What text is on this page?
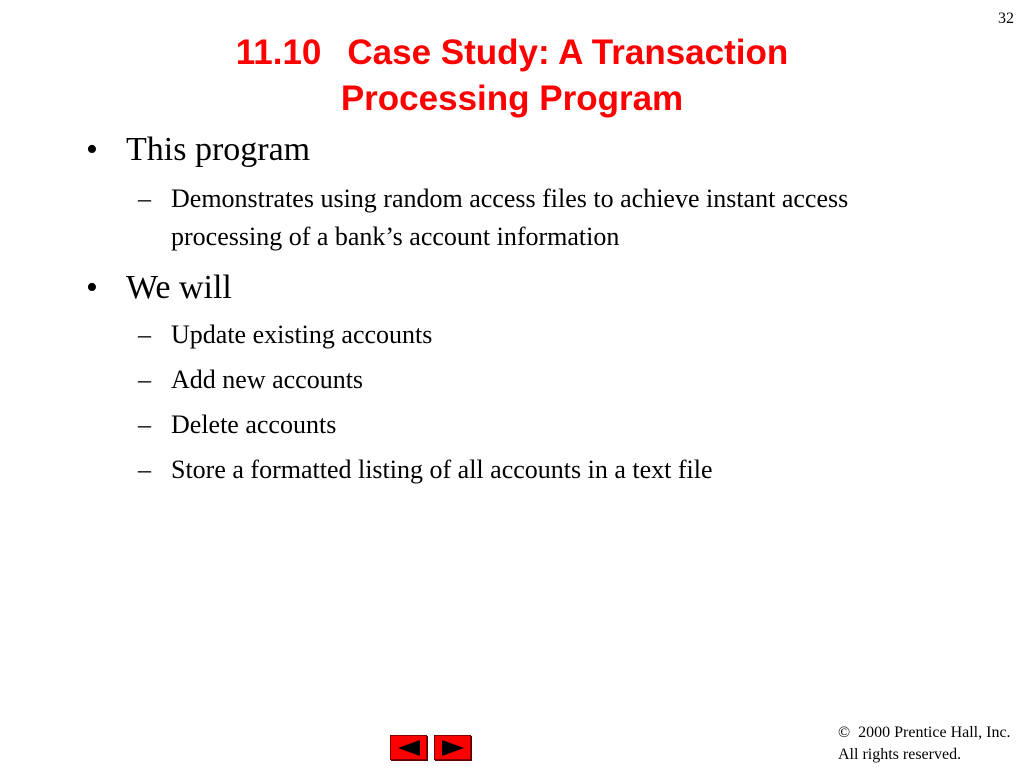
32
11.10 Case Study: A Transaction
Processing Program
• This program
– Demonstrates using random access files to achieve instant access processing of a bank’s account information
• We will
– Update existing accounts
– Add new accounts
– Delete accounts
– Store a formatted listing of all accounts in a text file
© 2000 Prentice Hall, Inc.
All rights reserved.
